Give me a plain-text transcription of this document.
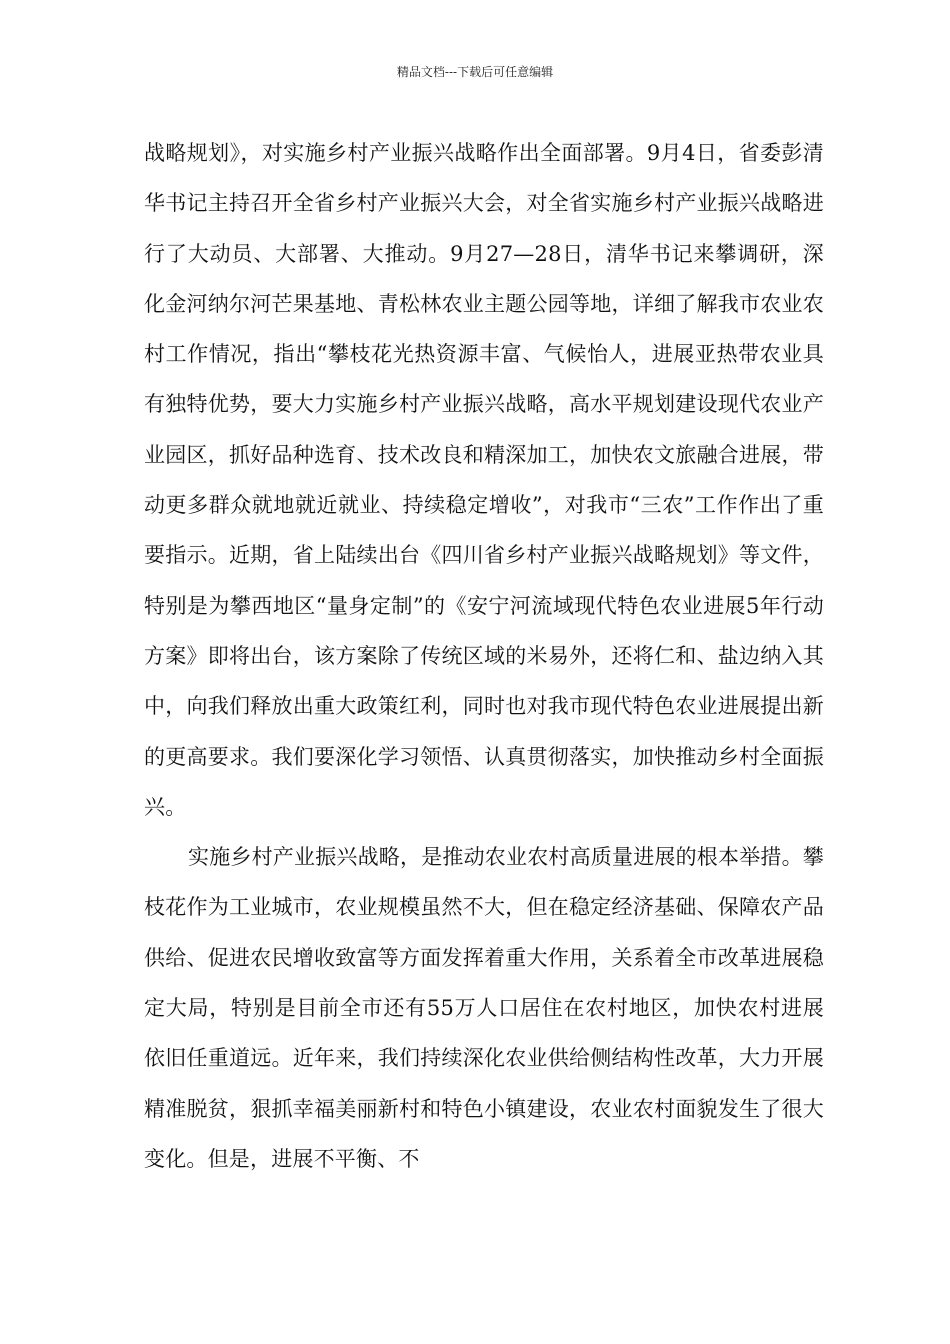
精品文档---下载后可任意编辑

战略规划》，对实施乡村产业振兴战略作出全面部署。9月4日，省委彭清华书记主持召开全省乡村产业振兴大会，对全省实施乡村产业振兴战略进行了大动员、大部署、大推动。9月27—28日，清华书记来攀调研，深化金河纳尔河芒果基地、青松林农业主题公园等地，详细了解我市农业农村工作情况，指出“攀枝花光热资源丰富、气候怡人，进展亚热带农业具有独特优势，要大力实施乡村产业振兴战略，高水平规划建设现代农业产业园区，抓好品种选育、技术改良和精深加工，加快农文旅融合进展，带动更多群众就地就近就业、持续稳定增收”，对我市“三农”工作作出了重要指示。近期，省上陆续出台《四川省乡村产业振兴战略规划》等文件，特别是为攀西地区“量身定制”的《安宁河流域现代特色农业进展5年行动方案》即将出台，该方案除了传统区域的米易外，还将仁和、盐边纳入其中，向我们释放出重大政策红利，同时也对我市现代特色农业进展提出新的更高要求。我们要深化学习领悟、认真贯彻落实，加快推动乡村全面振兴。

实施乡村产业振兴战略，是推动农业农村高质量进展的根本举措。攀枝花作为工业城市，农业规模虽然不大，但在稳定经济基础、保障农产品供给、促进农民增收致富等方面发挥着重大作用，关系着全市改革进展稳定大局，特别是目前全市还有55万人口居住在农村地区，加快农村进展依旧任重道远。近年来，我们持续深化农业供给侧结构性改革，大力开展精准脱贫，狠抓幸福美丽新村和特色小镇建设，农业农村面貌发生了很大变化。但是，进展不平衡、不
